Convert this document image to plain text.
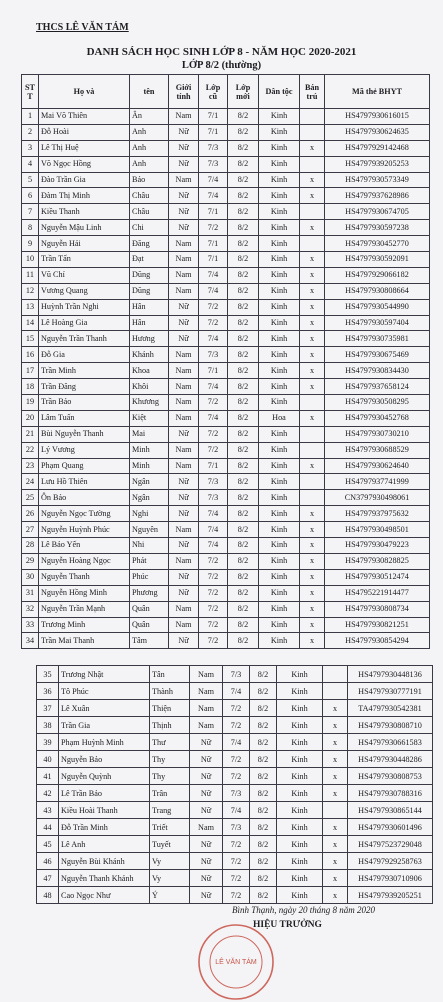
THCS LÊ VĂN TÁM
DANH SÁCH HỌC SINH LỚP 8 - NĂM HỌC 2020-2021
LỚP 8/2 (thường)
ST T	Họ và	tên	Giới tính	Lớp cũ	Lớp mới	Dân tộc	Bán trú	Mã thẻ BHYT
1	Mai Võ Thiên	Ân	Nam	7/1	8/2	Kinh		HS4797930616015
2	Đỗ Hoài	Anh	Nữ	7/1	8/2	Kinh		HS4797930624635
3	Lê Thị Huệ	Anh	Nữ	7/3	8/2	Kinh	x	HS4797929142468
4	Võ Ngọc Hồng	Anh	Nữ	7/3	8/2	Kinh		HS4797939205253
5	Đào Trần Gia	Bảo	Nam	7/4	8/2	Kinh	x	HS4797930573349
6	Đàm Thị Minh	Châu	Nữ	7/4	8/2	Kinh	x	HS4797937628986
7	Kiều Thanh	Châu	Nữ	7/1	8/2	Kinh		HS4797930674705
8	Nguyễn Mậu Linh	Chi	Nữ	7/2	8/2	Kinh	x	HS4797930597238
9	Nguyễn Hải	Đăng	Nam	7/1	8/2	Kinh		HS4797930452770
10	Trần Tấn	Đạt	Nam	7/1	8/2	Kinh	x	HS4797930592091
11	Vũ Chí	Dũng	Nam	7/4	8/2	Kinh	x	HS4797929066182
12	Vương Quang	Dũng	Nam	7/4	8/2	Kinh	x	HS4797930808664
13	Huỳnh Trần Nghi	Hân	Nữ	7/2	8/2	Kinh	x	HS4797930544990
14	Lê Hoàng Gia	Hân	Nữ	7/2	8/2	Kinh	x	HS4797930597404
15	Nguyễn Trần Thanh	Hương	Nữ	7/4	8/2	Kinh	x	HS4797930735981
16	Đỗ Gia	Khánh	Nam	7/3	8/2	Kinh	x	HS4797930675469
17	Trần Minh	Khoa	Nam	7/1	8/2	Kinh	x	HS4797930834430
18	Trần Đăng	Khôi	Nam	7/4	8/2	Kinh	x	HS4797937658124
19	Trần Bảo	Khương	Nam	7/2	8/2	Kinh		HS4797930508295
20	Lâm Tuấn	Kiệt	Nam	7/4	8/2	Hoa	x	HS4797930452768
21	Bùi Nguyễn Thanh	Mai	Nữ	7/2	8/2	Kinh		HS4797930730210
22	Lý Vương	Minh	Nam	7/2	8/2	Kinh		HS4797930688529
23	Phạm Quang	Minh	Nam	7/1	8/2	Kinh	x	HS4797930624640
24	Lưu Hồ Thiên	Ngân	Nữ	7/3	8/2	Kinh		HS4797937741999
25	Ôn Bảo	Ngân	Nữ	7/3	8/2	Kinh		CN3797930498061
26	Nguyễn Ngọc Tường	Nghi	Nữ	7/4	8/2	Kinh	x	HS4797937975632
27	Nguyễn Huỳnh Phúc	Nguyên	Nam	7/4	8/2	Kinh	x	HS4797930498501
28	Lê Bảo Yến	Nhi	Nữ	7/4	8/2	Kinh	x	HS4797930479223
29	Nguyễn Hoàng Ngọc	Phát	Nam	7/2	8/2	Kinh	x	HS4797930828825
30	Nguyễn Thanh	Phúc	Nữ	7/2	8/2	Kinh	x	HS4797930512474
31	Nguyễn Hồng Minh	Phương	Nữ	7/2	8/2	Kinh	x	HS4795221914477
32	Nguyễn Trần Mạnh	Quân	Nam	7/2	8/2	Kinh	x	HS4797930808734
33	Trương Minh	Quân	Nam	7/2	8/2	Kinh	x	HS4797930821251
34	Trần Mai Thanh	Tâm	Nữ	7/2	8/2	Kinh	x	HS4797930854294
35	Trương Nhật	Tân	Nam	7/3	8/2	Kinh		HS4797930448136
36	Tô Phúc	Thành	Nam	7/4	8/2	Kinh		HS4797930777191
37	Lê Xuân	Thiện	Nam	7/2	8/2	Kinh	x	TA4797930542381
38	Trần Gia	Thịnh	Nam	7/2	8/2	Kinh	x	HS4797930808710
39	Phạm Huỳnh Minh	Thư	Nữ	7/4	8/2	Kinh	x	HS4797930661583
40	Nguyễn Bảo	Thy	Nữ	7/2	8/2	Kinh	x	HS4797930448286
41	Nguyễn Quỳnh	Thy	Nữ	7/2	8/2	Kinh	x	HS4797930808753
42	Lê Trần Bảo	Trân	Nữ	7/3	8/2	Kinh	x	HS4797930788316
43	Kiều Hoài Thanh	Trang	Nữ	7/4	8/2	Kinh		HS4797930865144
44	Đỗ Trần Minh	Triết	Nam	7/3	8/2	Kinh	x	HS4797930601496
45	Lê Anh	Tuyết	Nữ	7/2	8/2	Kinh	x	HS4797523729048
46	Nguyễn Bùi Khánh	Vy	Nữ	7/2	8/2	Kinh	x	HS4797929258763
47	Nguyễn Thanh Khánh	Vy	Nữ	7/2	8/2	Kinh	x	HS4797930710906
48	Cao Ngọc Như	Ý	Nữ	7/2	8/2	Kinh	x	HS4797939205251
Bình Thạnh, ngày 20 tháng 8 năm 2020
LÊ VĂN TÁM
HIỆU TRƯỞNG
